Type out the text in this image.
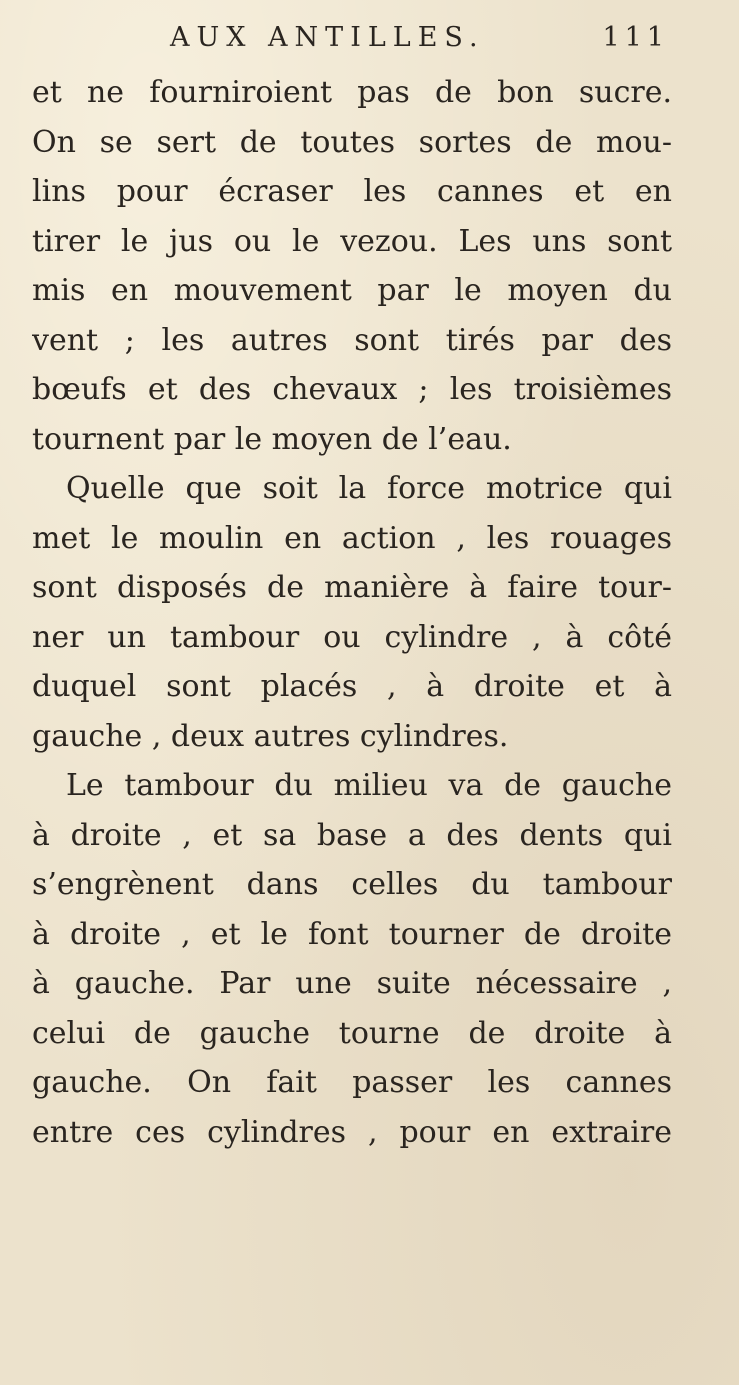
AUX ANTILLES.	111
et ne fourniroient pas de bon sucre.
On se sert de toutes sortes de mou-
lins pour écraser les cannes et en
tirer le jus ou le vezou. Les uns sont
mis en mouvement par le moyen du
vent ; les autres sont tirés par des
bœufs et des chevaux ; les troisièmes
tournent par le moyen de l’eau.
Quelle que soit la force motrice qui
met le moulin en action , les rouages
sont disposés de manière à faire tour-
ner un tambour ou cylindre , à côté
duquel sont placés , à droite et à
gauche , deux autres cylindres.
Le tambour du milieu va de gauche
à droite , et sa base a des dents qui
s’engrènent dans celles du tambour
à droite , et le font tourner de droite
à gauche. Par une suite nécessaire ,
celui de gauche tourne de droite à
gauche. On fait passer les cannes
entre ces cylindres , pour en extraire
